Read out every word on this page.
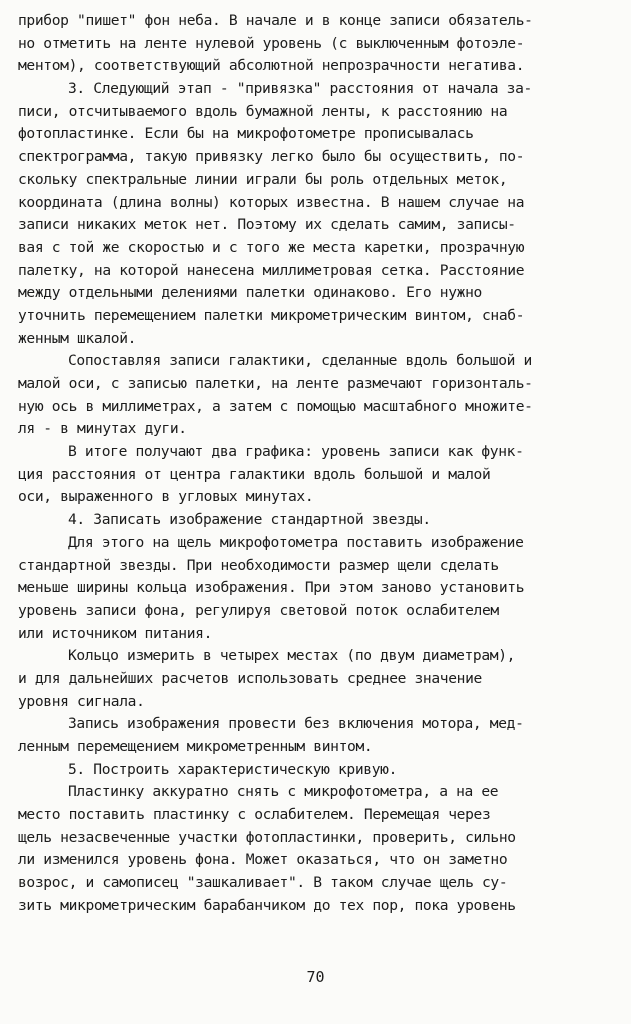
прибор "пишет" фон неба. В начале и в конце записи обязатель-
но отметить на ленте нулевой уровень (с выключенным фотоэле-
ментом), соответствующий абсолютной непрозрачности негатива.
3. Следующий этап - "привязка" расстояния от начала за-
писи, отсчитываемого вдоль бумажной ленты, к расстоянию на
фотопластинке. Если бы на микрофотометре прописывалась
спектрограмма, такую привязку легко было бы осуществить, по-
скольку спектральные линии играли бы роль отдельных меток,
координата (длина волны) которых известна. В нашем случае на
записи никаких меток нет. Поэтому их сделать самим, записы-
вая с той же скоростью и с того же места каретки, прозрачную
палетку, на которой нанесена миллиметровая сетка. Расстояние
между отдельными делениями палетки одинаково. Его нужно
уточнить перемещением палетки микрометрическим винтом, снаб-
женным шкалой.
Сопоставляя записи галактики, сделанные вдоль большой и
малой оси, с записью палетки, на ленте размечают горизонталь-
ную ось в миллиметрах, а затем с помощью масштабного множите-
ля - в минутах дуги.
В итоге получают два графика: уровень записи как функ-
ция расстояния от центра галактики вдоль большой и малой
оси, выраженного в угловых минутах.
4. Записать изображение стандартной звезды.
Для этого на щель микрофотометра поставить изображение
стандартной звезды. При необходимости размер щели сделать
меньше ширины кольца изображения. При этом заново установить
уровень записи фона, регулируя световой поток ослабителем
или источником питания.
Кольцо измерить в четырех местах (по двум диаметрам),
и для дальнейших расчетов использовать среднее значение
уровня сигнала.
Запись изображения провести без включения мотора, мед-
ленным перемещением микрометренным винтом.
5. Построить характеристическую кривую.
Пластинку аккуратно снять с микрофотометра, а на ее
место поставить пластинку с ослабителем. Перемещая через
щель незасвеченные участки фотопластинки, проверить, сильно
ли изменился уровень фона. Может оказаться, что он заметно
возрос, и самописец "зашкаливает". В таком случае щель су-
зить микрометрическим барабанчиком до тех пор, пока уровень
70
